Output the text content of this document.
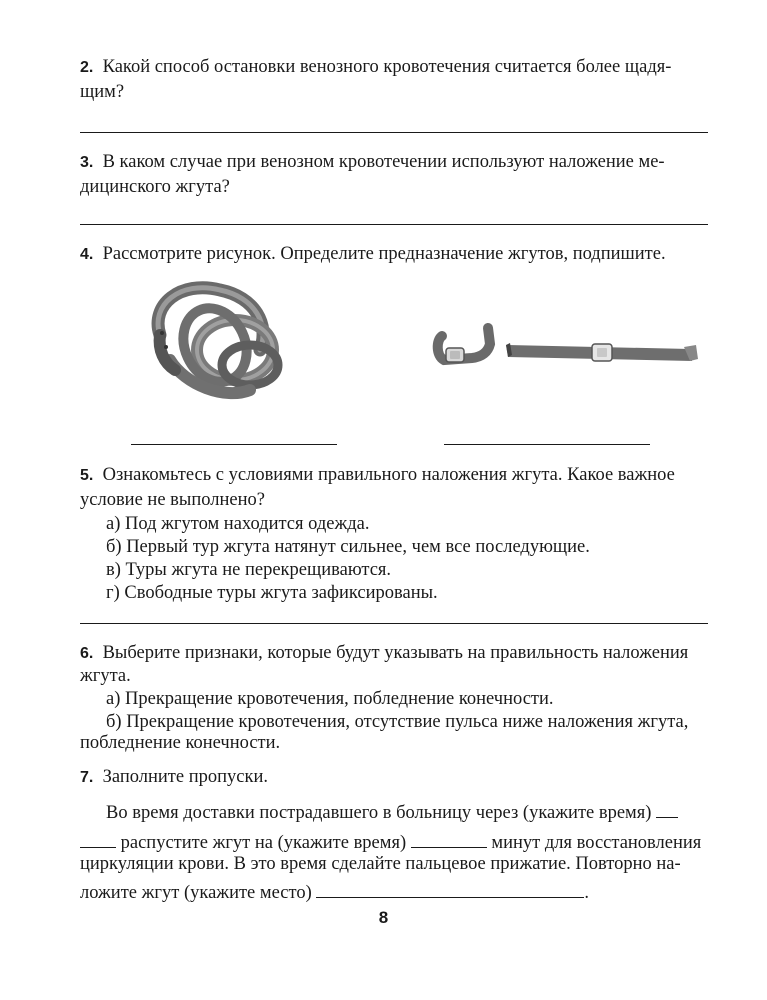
2. Какой способ остановки венозного кровотечения считается более щадя-
щим?
3. В каком случае при венозном кровотечении используют наложение ме-
дицинского жгута?
4. Рассмотрите рисунок. Определите предназначение жгутов, подпишите.
5. Ознакомьтесь с условиями правильного наложения жгута. Какое важное
условие не выполнено?
а) Под жгутом находится одежда.
б) Первый тур жгута натянут сильнее, чем все последующие.
в) Туры жгута не перекрещиваются.
г) Свободные туры жгута зафиксированы.
6. Выберите признаки, которые будут указывать на правильность наложения
жгута.
а) Прекращение кровотечения, побледнение конечности.
б) Прекращение кровотечения, отсутствие пульса ниже наложения жгута,
побледнение конечности.
7. Заполните пропуски.
Во время доставки пострадавшего в больницу через (укажите время)
распустите жгут на (укажите время)	минут для восстановления
циркуляции крови. В это время сделайте пальцевое прижатие. Повторно на-
ложите жгут (укажите место)	.
8
